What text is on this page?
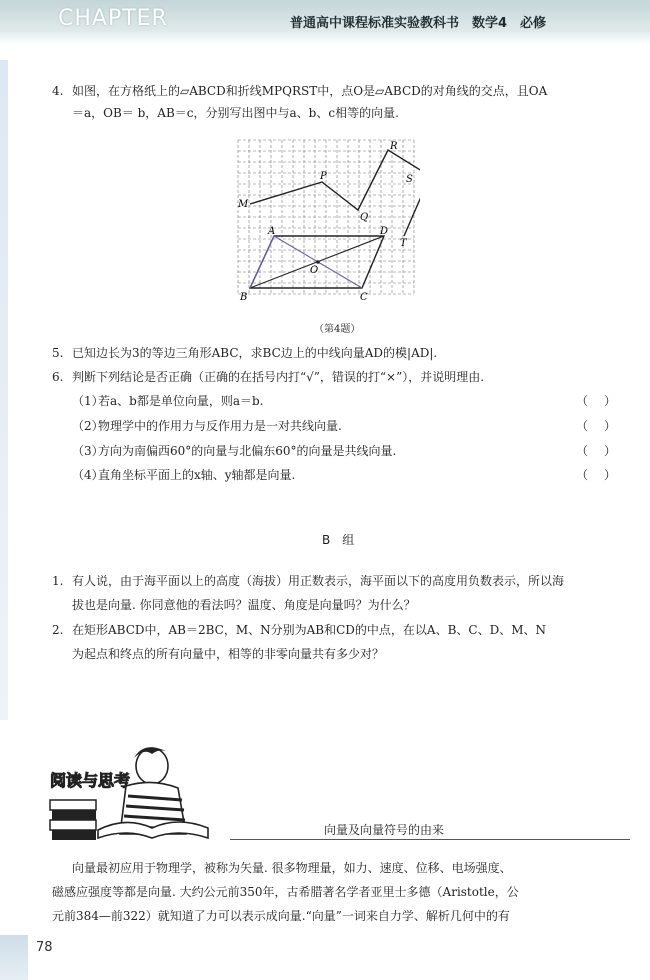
CHAPTER	普通高中课程标准实验教科书　数学4　必修
4. 如图，在方格纸上的▱ABCD和折线MPQRST中，点O是▱ABCD的对角线的交点，且OA
＝a，OB＝ b，AB＝c，分别写出图中与a、b、c相等的向量.
M
P
Q
R
S
T
A	D
B	C
O
（第4题）
5. 已知边长为3的等边三角形ABC，求BC边上的中线向量AD的模|AD|.
6. 判断下列结论是否正确（正确的在括号内打“√”，错误的打“×”），并说明理由.
（1）若a、b都是单位向量，则a＝b.	（ ）
（2）物理学中的作用力与反作用力是一对共线向量.	（ ）
（3）方向为南偏西60°的向量与北偏东60°的向量是共线向量.	（ ）
（4）直角坐标平面上的x轴、y轴都是向量.	（ ）
B　组
1. 有人说，由于海平面以上的高度（海拔）用正数表示，海平面以下的高度用负数表示，所以海
拔也是向量. 你同意他的看法吗？温度、角度是向量吗？为什么？
2. 在矩形ABCD中，AB＝2BC，M、N分别为AB和CD的中点，在以A、B、C、D、M、N
为起点和终点的所有向量中，相等的非零向量共有多少对？
阅读与思考
向量及向量符号的由来
向量最初应用于物理学，被称为矢量. 很多物理量，如力、速度、位移、电场强度、
磁感应强度等都是向量. 大约公元前350年，古希腊著名学者亚里士多德（Aristotle，公
元前384—前322）就知道了力可以表示成向量.“向量”一词来自力学、解析几何中的有
78
